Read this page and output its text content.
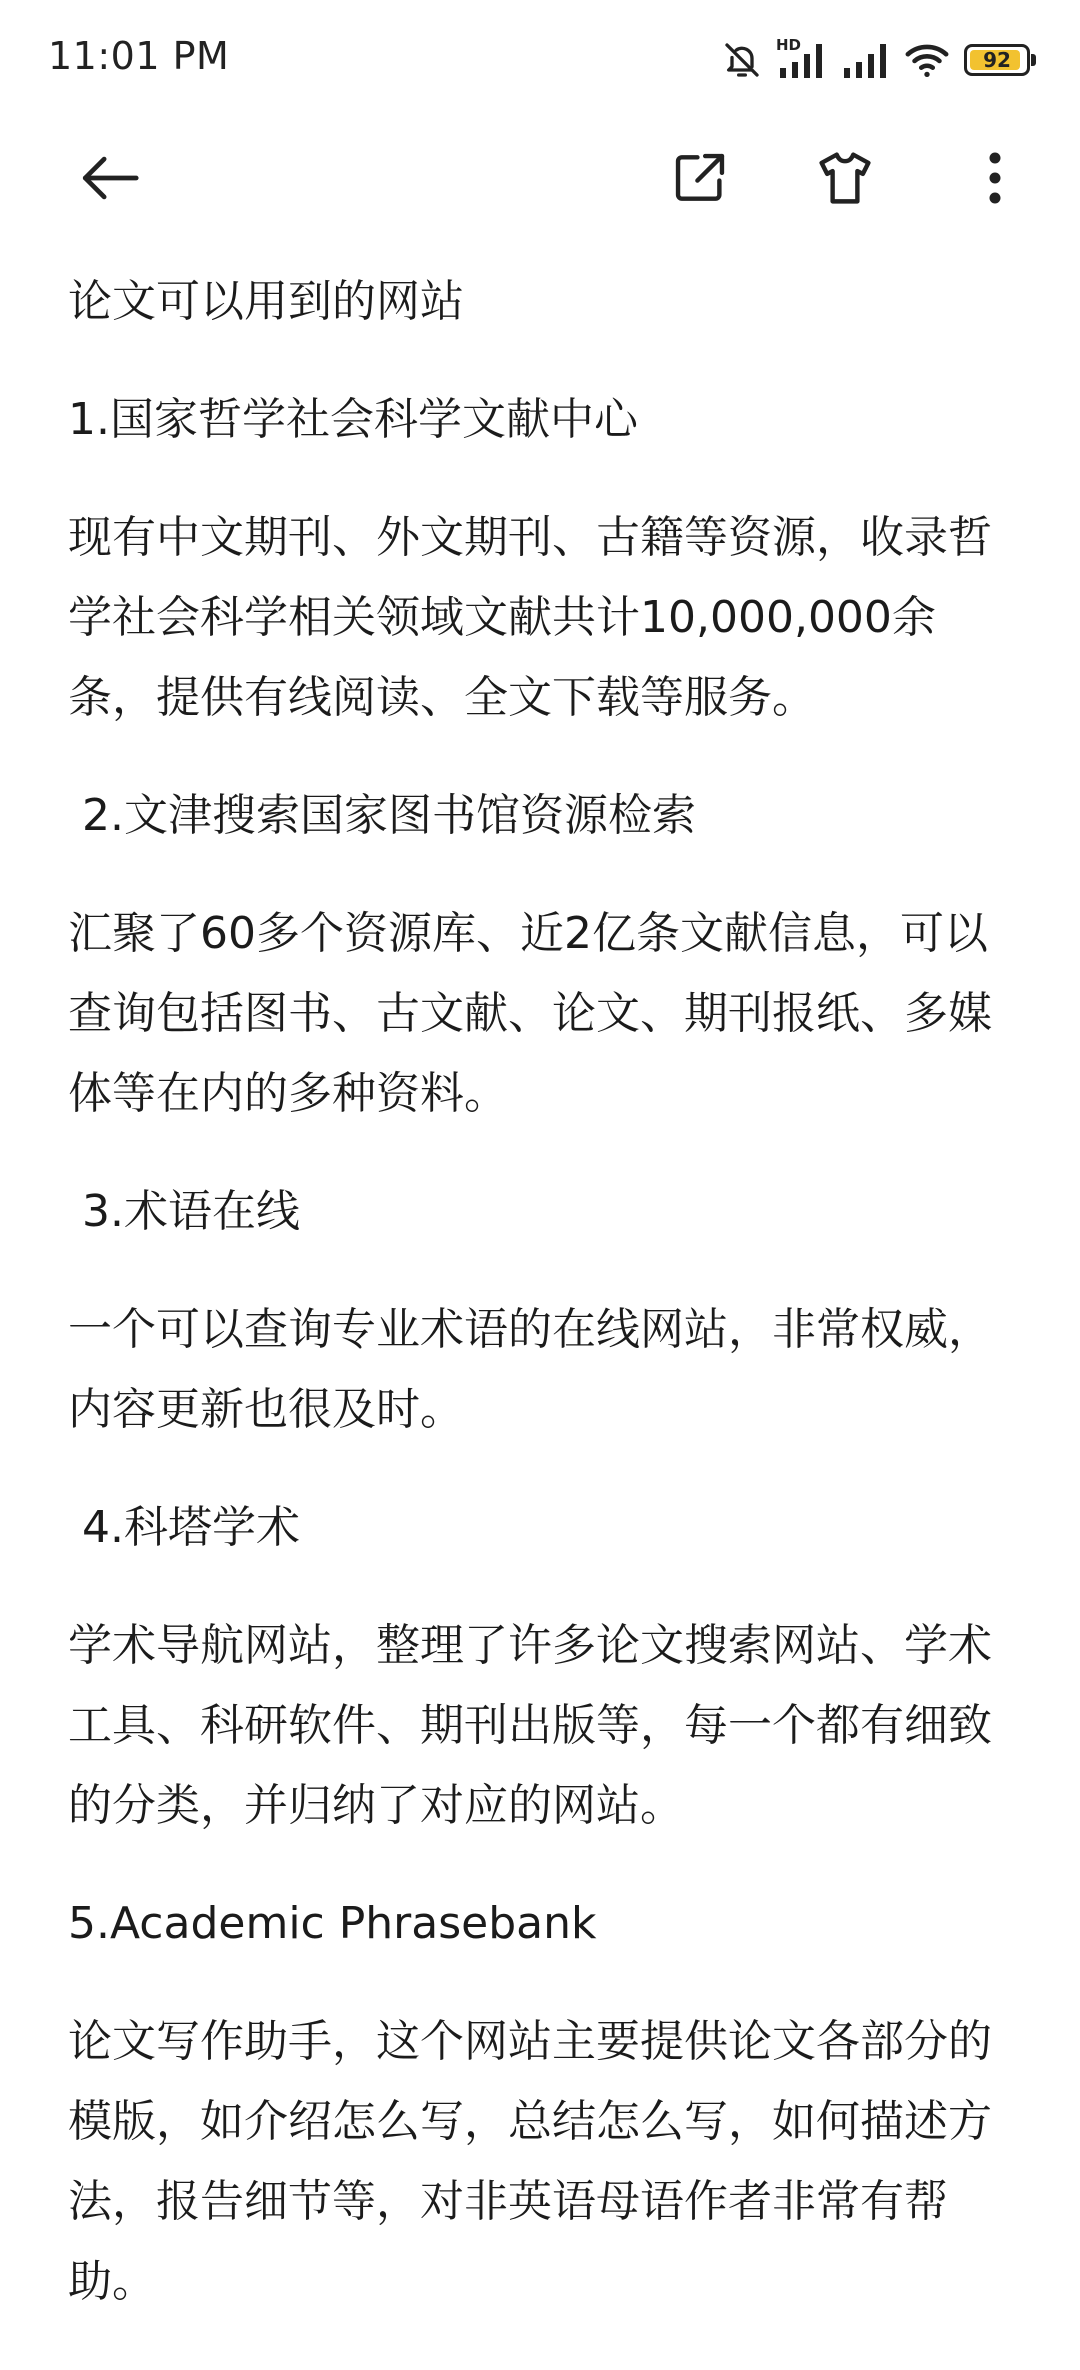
11:01 PM	HD
92

论文可以用到的网站

1.国家哲学社会科学文献中心

现有中文期刊、外文期刊、古籍等资源，收录哲

学社会科学相关领域文献共计10,000,000余

条，提供有线阅读、全文下载等服务。

2.文津搜索国家图书馆资源检索

汇聚了60多个资源库、近2亿条文献信息，可以

查询包括图书、古文献、论文、期刊报纸、多媒

体等在内的多种资料。

3.术语在线

一个可以查询专业术语的在线网站，非常权威，

内容更新也很及时。

4.科塔学术

学术导航网站，整理了许多论文搜索网站、学术

工具、科研软件、期刊出版等，每一个都有细致

的分类，并归纳了对应的网站。

5.Academic Phrasebank

论文写作助手，这个网站主要提供论文各部分的

模版，如介绍怎么写，总结怎么写，如何描述方

法，报告细节等，对非英语母语作者非常有帮

助。
